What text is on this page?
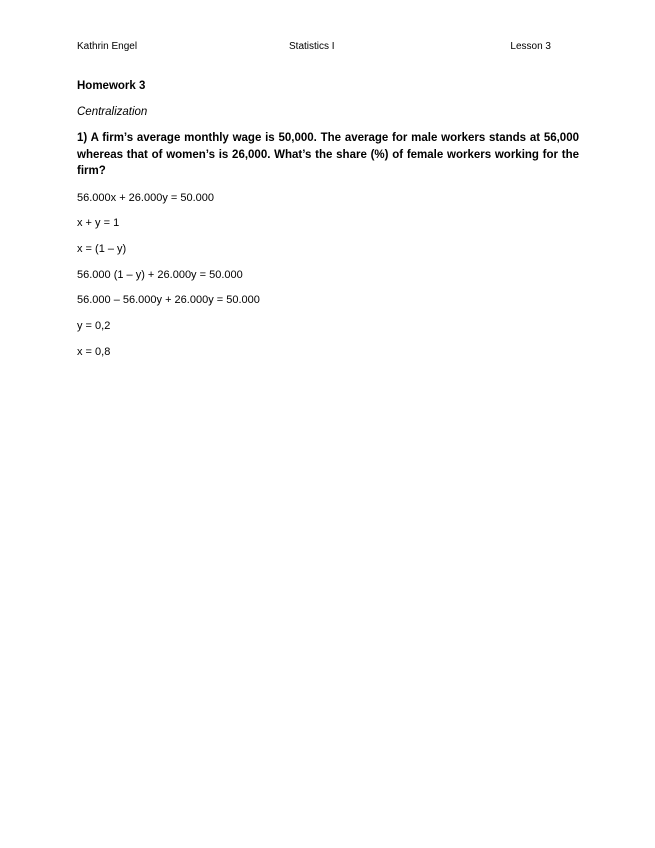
Kathrin Engel	Statistics I	Lesson 3
Homework 3
Centralization
1) A firm’s average monthly wage is 50,000. The average for male workers stands at 56,000 whereas that of women’s is 26,000. What’s the share (%) of female workers working for the firm?
56.000x + 26.000y = 50.000
x + y = 1
x = (1 – y)
56.000 (1 – y) + 26.000y = 50.000
56.000 – 56.000y + 26.000y = 50.000
y = 0,2
x = 0,8
